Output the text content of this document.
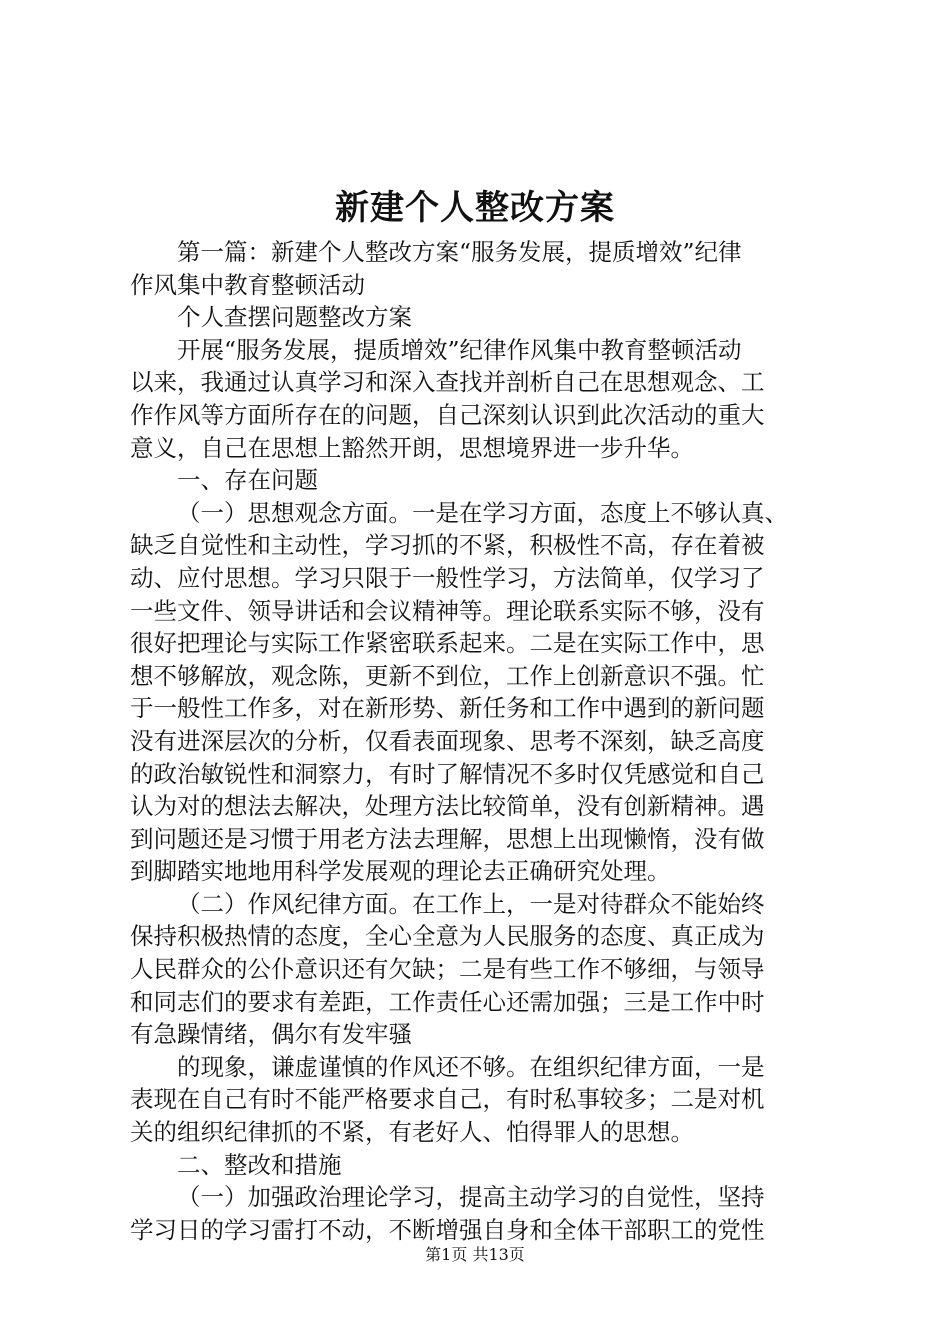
新建个人整改方案
第一篇：新建个人整改方案“服务发展，提质增效”纪律
作风集中教育整顿活动
个人查摆问题整改方案
开展“服务发展，提质增效”纪律作风集中教育整顿活动
以来，我通过认真学习和深入查找并剖析自己在思想观念、工
作作风等方面所存在的问题，自己深刻认识到此次活动的重大
意义，自己在思想上豁然开朗，思想境界进一步升华。
一、存在问题
（一）思想观念方面。一是在学习方面，态度上不够认真、
缺乏自觉性和主动性，学习抓的不紧，积极性不高，存在着被
动、应付思想。学习只限于一般性学习，方法简单，仅学习了
一些文件、领导讲话和会议精神等。理论联系实际不够，没有
很好把理论与实际工作紧密联系起来。二是在实际工作中，思
想不够解放，观念陈，更新不到位，工作上创新意识不强。忙
于一般性工作多，对在新形势、新任务和工作中遇到的新问题
没有进深层次的分析，仅看表面现象、思考不深刻，缺乏高度
的政治敏锐性和洞察力，有时了解情况不多时仅凭感觉和自己
认为对的想法去解决，处理方法比较简单，没有创新精神。遇
到问题还是习惯于用老方法去理解，思想上出现懒惰，没有做
到脚踏实地地用科学发展观的理论去正确研究处理。
（二）作风纪律方面。在工作上，一是对待群众不能始终
保持积极热情的态度，全心全意为人民服务的态度、真正成为
人民群众的公仆意识还有欠缺；二是有些工作不够细，与领导
和同志们的要求有差距，工作责任心还需加强；三是工作中时
有急躁情绪，偶尔有发牢骚
的现象，谦虚谨慎的作风还不够。在组织纪律方面，一是
表现在自己有时不能严格要求自己，有时私事较多；二是对机
关的组织纪律抓的不紧，有老好人、怕得罪人的思想。
二、整改和措施
（一）加强政治理论学习，提高主动学习的自觉性，坚持
学习日的学习雷打不动，不断增强自身和全体干部职工的党性
第1页 共13页
